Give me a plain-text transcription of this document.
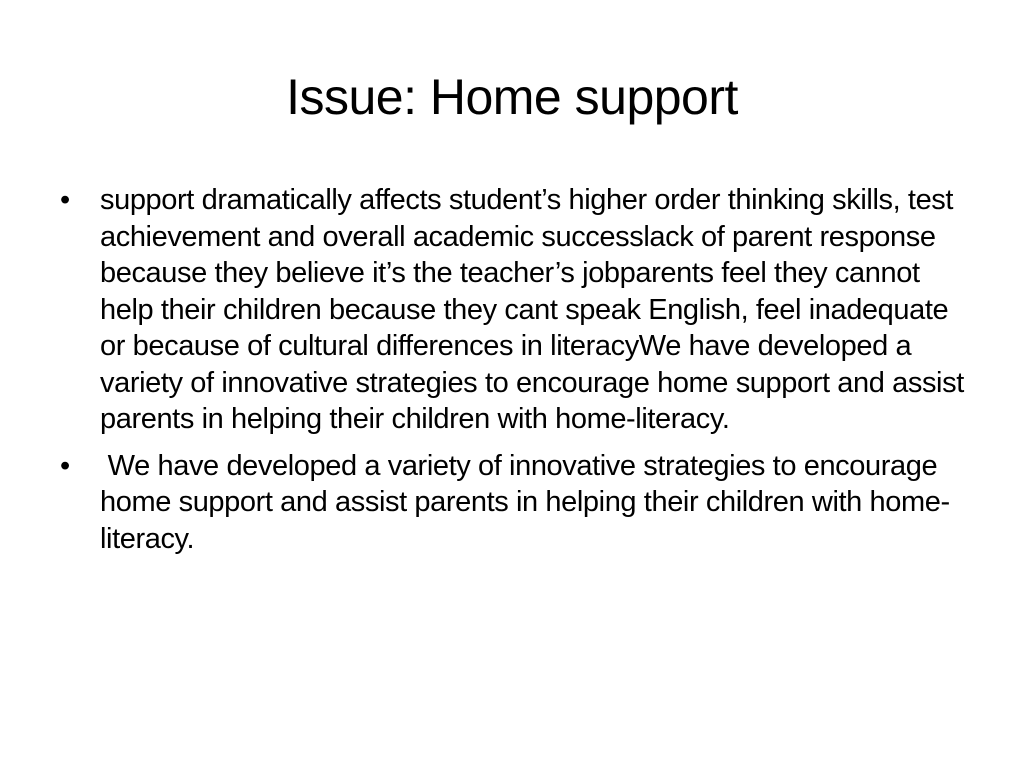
Issue: Home support
• support dramatically affects student’s higher order thinking skills, test achievement and overall academic successlack of parent response because they believe it’s the teacher’s jobparents feel they cannot help their children because they cant speak English, feel inadequate or because of cultural differences in literacyWe have developed a variety of innovative strategies to encourage home support and assist parents in helping their children with home-literacy.
• We have developed a variety of innovative strategies to encourage home support and assist parents in helping their children with home-literacy.
